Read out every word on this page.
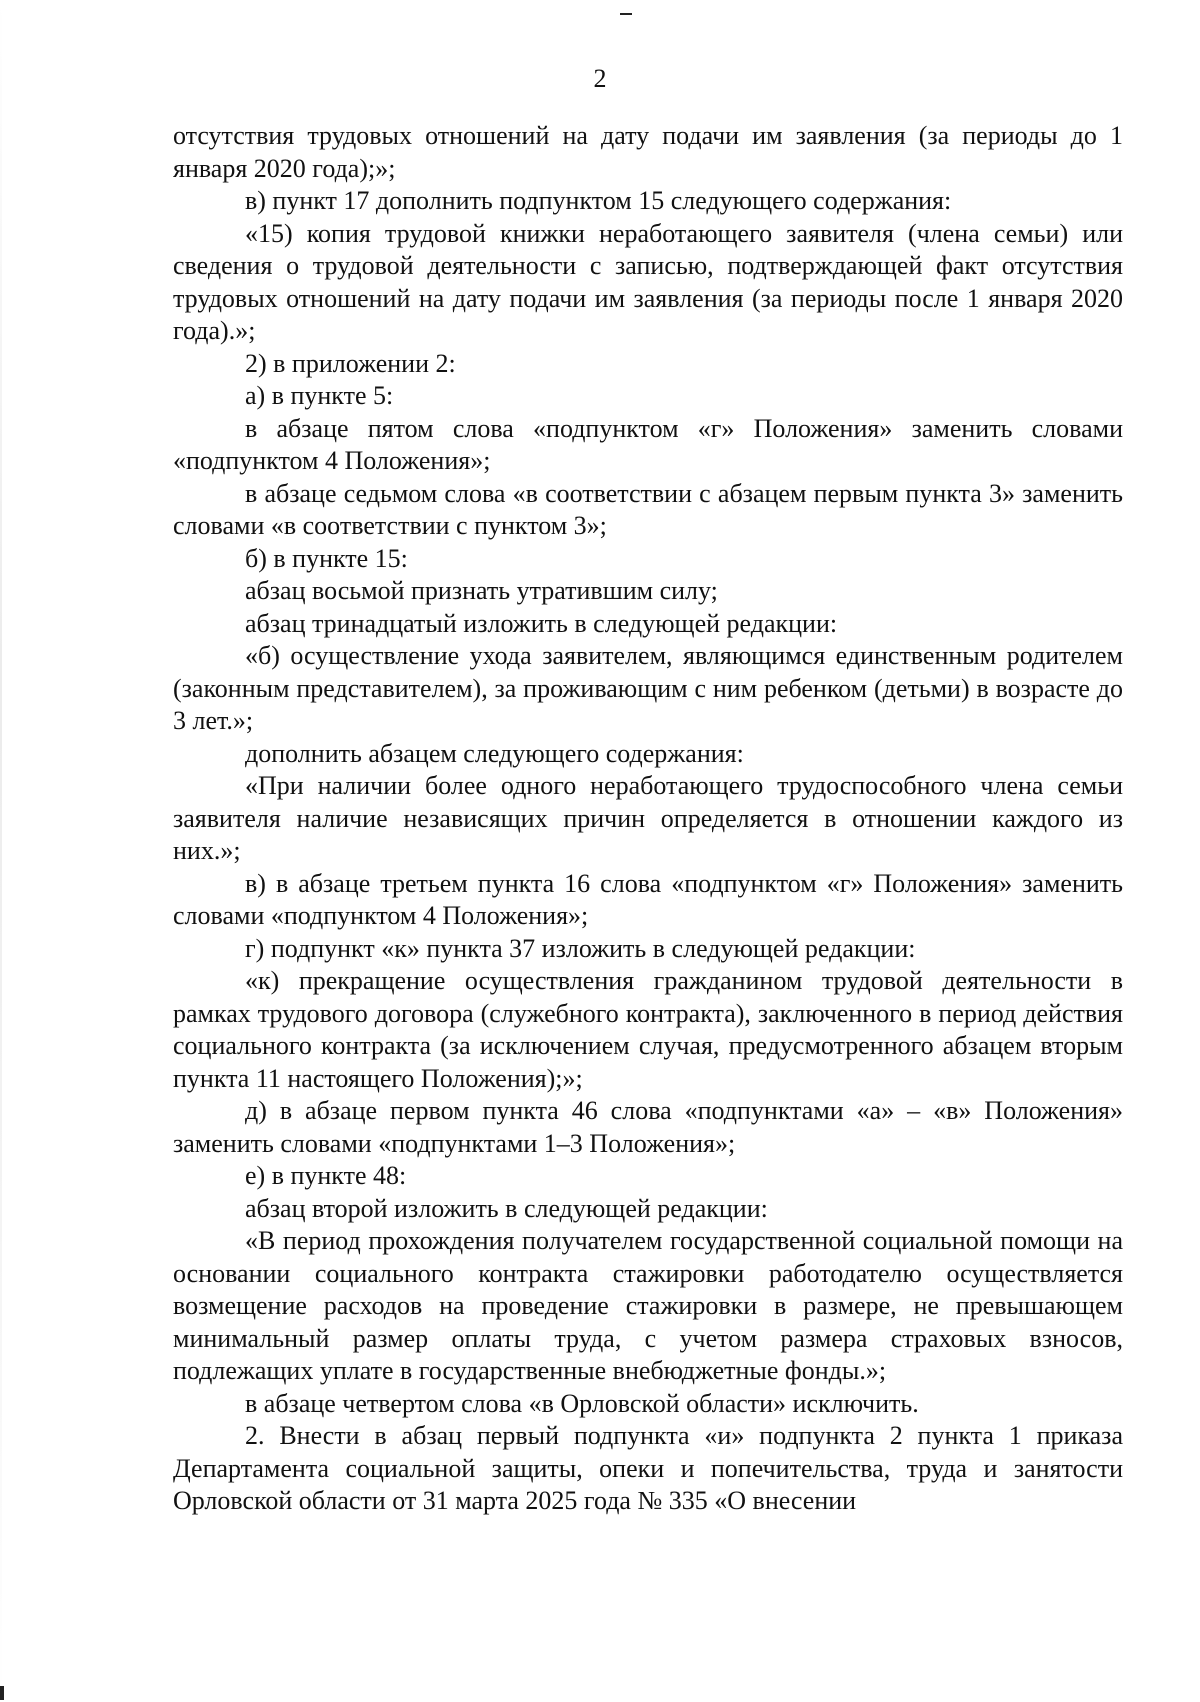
2

отсутствия трудовых отношений на дату подачи им заявления (за периоды до 1 января 2020 года);»;

в) пункт 17 дополнить подпунктом 15 следующего содержания:

«15) копия трудовой книжки неработающего заявителя (члена семьи) или сведения о трудовой деятельности с записью, подтверждающей факт отсутствия трудовых отношений на дату подачи им заявления (за периоды после 1 января 2020 года).»;

2) в приложении 2:

а) в пункте 5:

в абзаце пятом слова «подпунктом «г» Положения» заменить словами «подпунктом 4 Положения»;

в абзаце седьмом слова «в соответствии с абзацем первым пункта 3» заменить словами «в соответствии с пунктом 3»;

б) в пункте 15:

абзац восьмой признать утратившим силу;

абзац тринадцатый изложить в следующей редакции:

«б) осуществление ухода заявителем, являющимся единственным родителем (законным представителем), за проживающим с ним ребенком (детьми) в возрасте до 3 лет.»;

дополнить абзацем следующего содержания:

«При наличии более одного неработающего трудоспособного члена семьи заявителя наличие независящих причин определяется в отношении каждого из них.»;

в) в абзаце третьем пункта 16 слова «подпунктом «г» Положения» заменить словами «подпунктом 4 Положения»;

г) подпункт «к» пункта 37 изложить в следующей редакции:

«к) прекращение осуществления гражданином трудовой деятельности в рамках трудового договора (служебного контракта), заключенного в период действия социального контракта (за исключением случая, предусмотренного абзацем вторым пункта 11 настоящего Положения);»;

д) в абзаце первом пункта 46 слова «подпунктами «а» – «в» Положения» заменить словами «подпунктами 1–3 Положения»;

е) в пункте 48:

абзац второй изложить в следующей редакции:

«В период прохождения получателем государственной социальной помощи на основании социального контракта стажировки работодателю осуществляется возмещение расходов на проведение стажировки в размере, не превышающем минимальный размер оплаты труда, с учетом размера страховых взносов, подлежащих уплате в государственные внебюджетные фонды.»;

в абзаце четвертом слова «в Орловской области» исключить.

2. Внести в абзац первый подпункта «и» подпункта 2 пункта 1 приказа Департамента социальной защиты, опеки и попечительства, труда и занятости Орловской области от 31 марта 2025 года № 335 «О внесении
